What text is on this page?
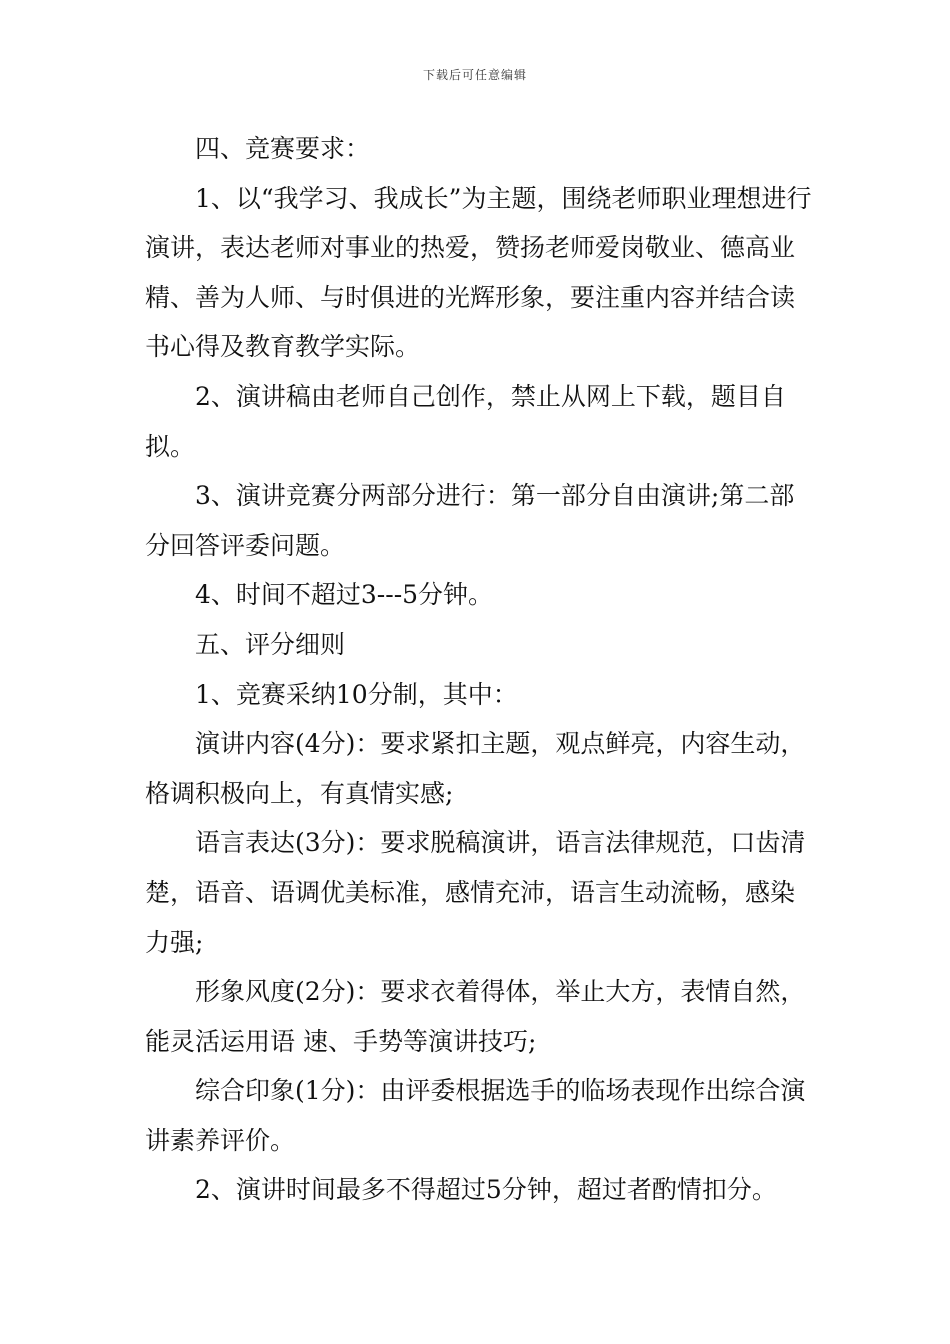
下载后可任意编辑

四、竞赛要求：

1、以“我学习、我成长”为主题，围绕老师职业理想进行演讲，表达老师对事业的热爱，赞扬老师爱岗敬业、德高业精、善为人师、与时俱进的光辉形象，要注重内容并结合读书心得及教育教学实际。

2、演讲稿由老师自己创作，禁止从网上下载，题目自拟。

3、演讲竞赛分两部分进行：第一部分自由演讲;第二部分回答评委问题。

4、时间不超过3---5分钟。

五、评分细则

1、竞赛采纳10分制，其中：

演讲内容(4分)：要求紧扣主题，观点鲜亮，内容生动，格调积极向上，有真情实感;

语言表达(3分)：要求脱稿演讲，语言法律规范，口齿清楚，语音、语调优美标准，感情充沛，语言生动流畅，感染力强;

形象风度(2分)：要求衣着得体，举止大方，表情自然，能灵活运用语 速、手势等演讲技巧;

综合印象(1分)：由评委根据选手的临场表现作出综合演讲素养评价。

2、演讲时间最多不得超过5分钟，超过者酌情扣分。
